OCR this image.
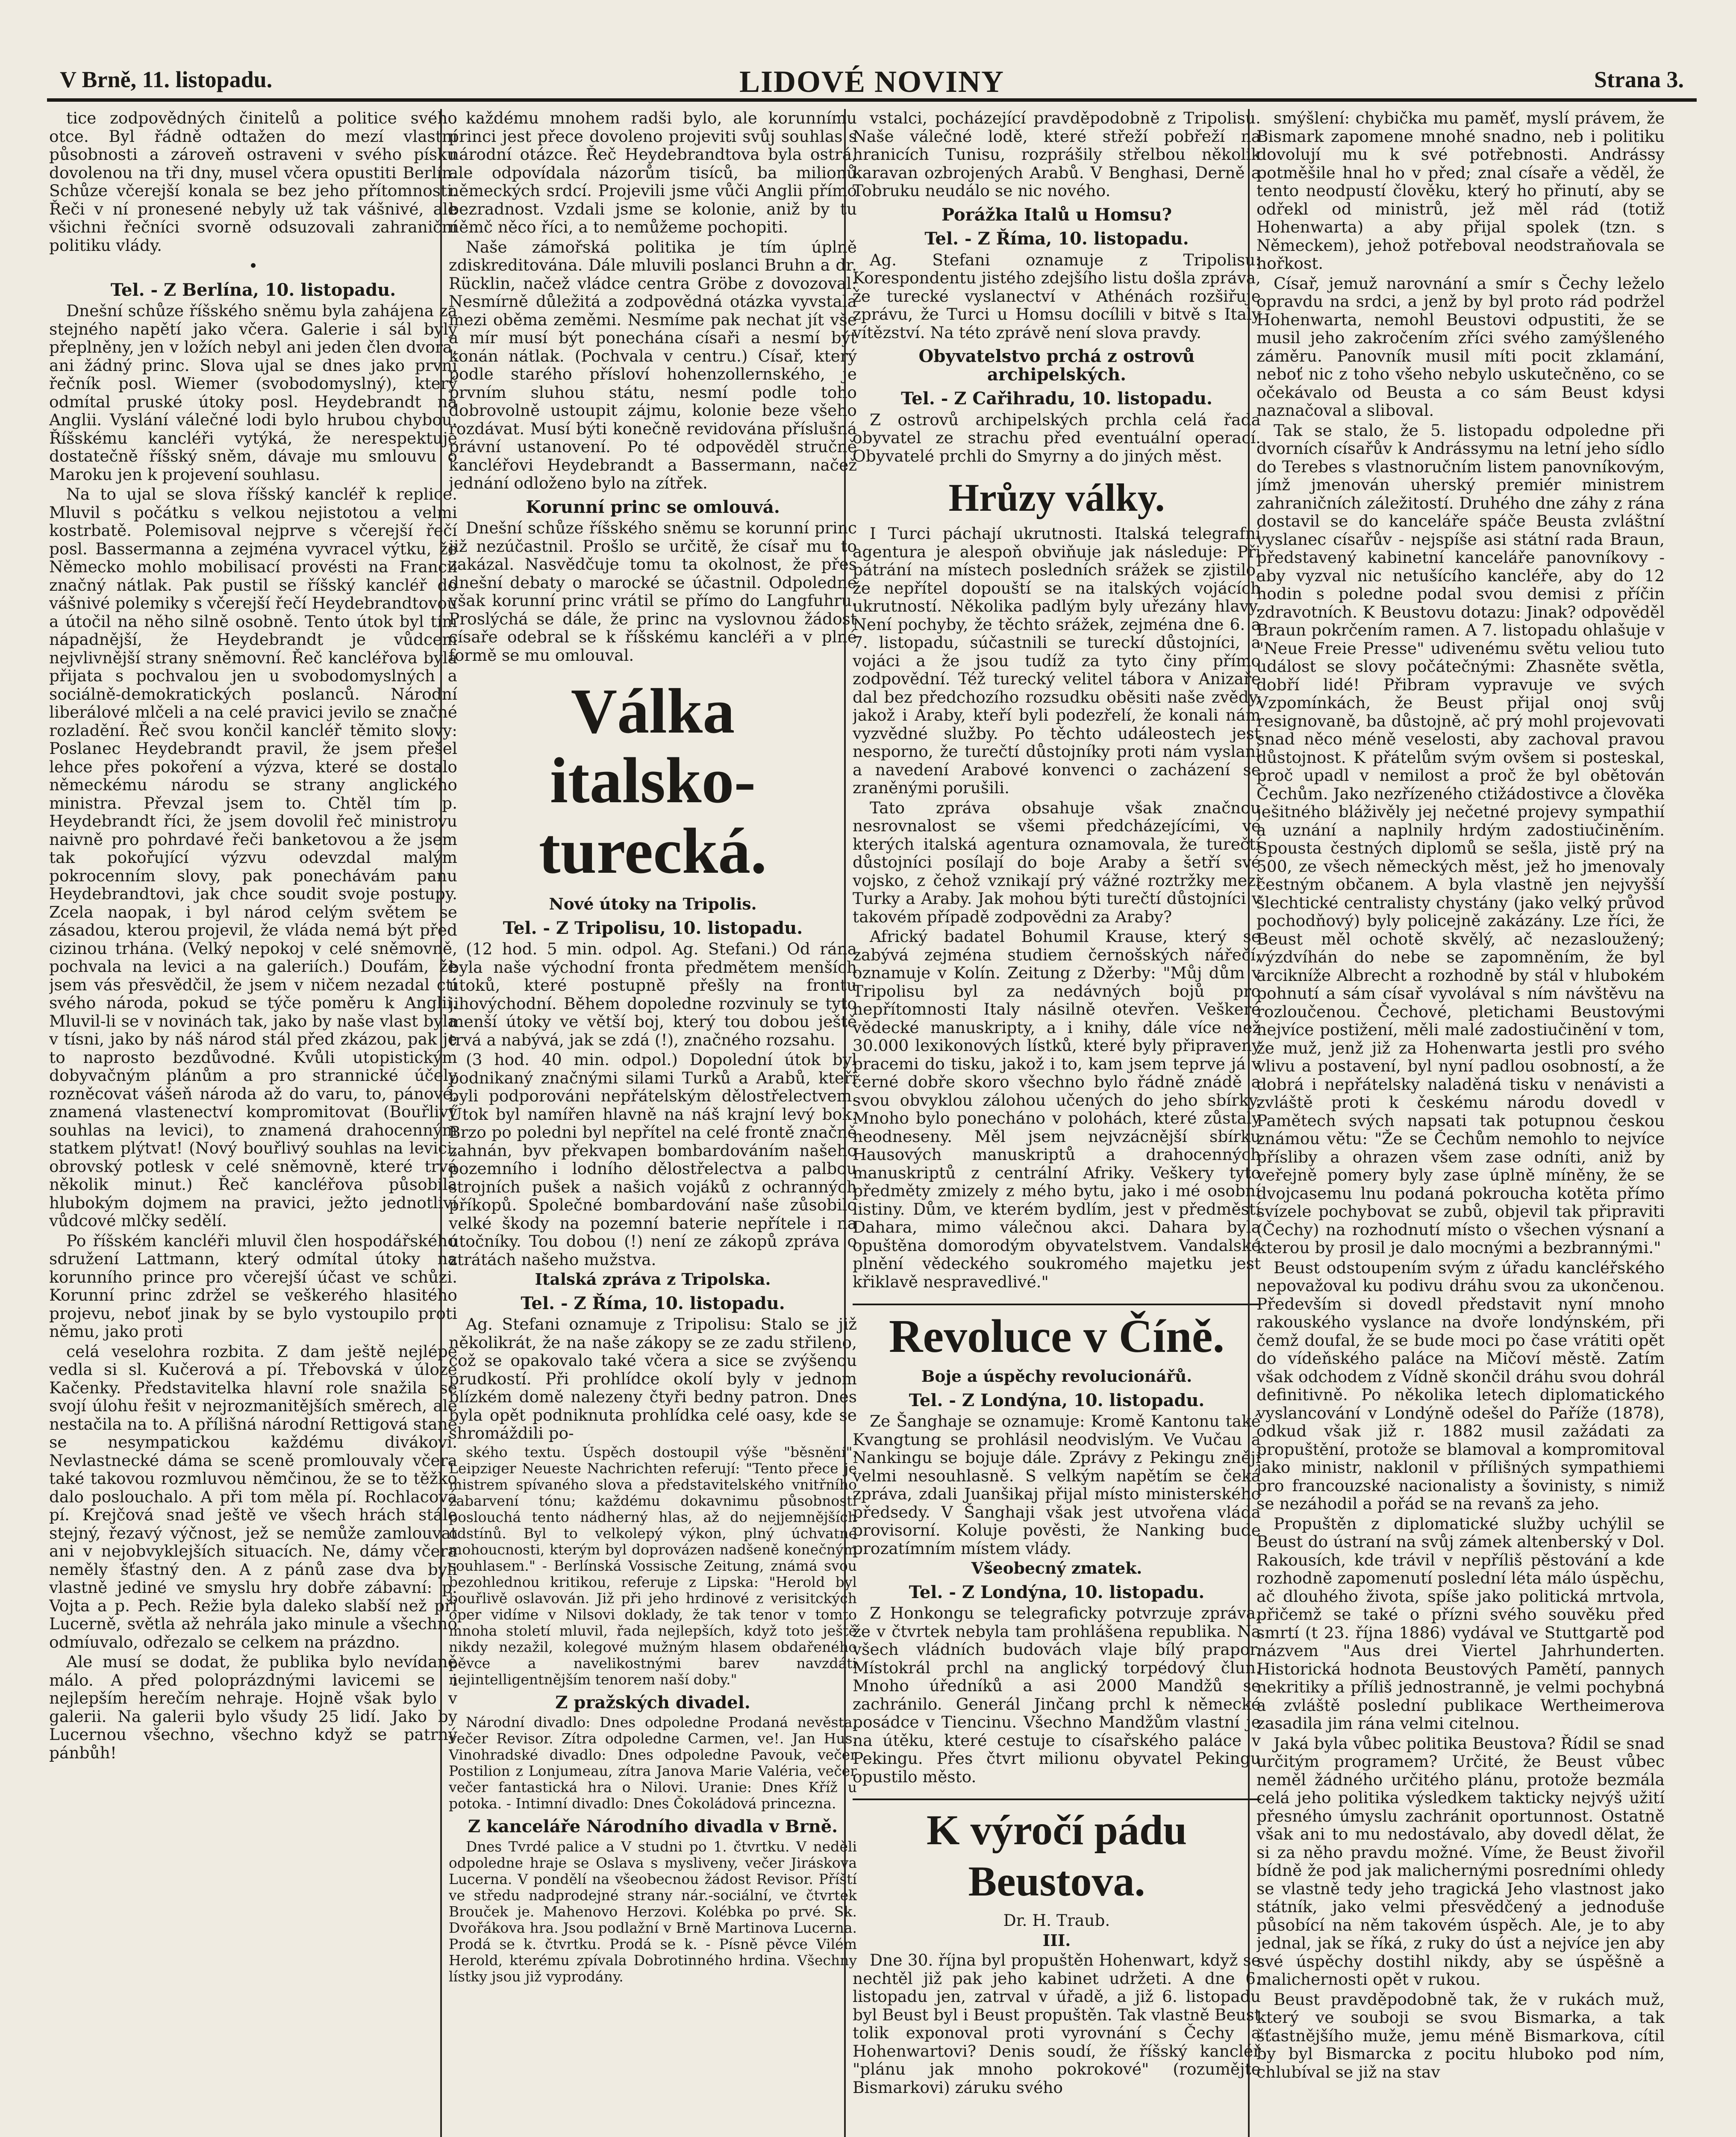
V Brně, 11. listopadu.	LIDOVÉ NOVINY	Strana 3.

tice zodpovědných činitelů a politice svého otce. Byl řádně odtažen do mezí vlastní působnosti a zároveň ostraveni v svého písku dovolenou na tři dny, musel včera opustiti Berlín. Schůze včerejší konala se bez jeho přítomnosti. Řeči v ní pronesené nebyly už tak vášnivé, ale všichni řečníci svorně odsuzovali zahraniční politiku vlády.

•

Tel. - Z Berlína, 10. listopadu.

Dnešní schůze říšského sněmu byla zahájena za stejného napětí jako včera. Galerie i sál byly přeplněny, jen v ložích nebyl ani jeden člen dvora, ani žádný princ. Slova ujal se dnes jako první řečník posl. Wiemer (svobodomyslný), který odmítal pruské útoky posl. Heydebrandt na Anglii. Vyslání válečné lodi bylo hrubou chybou. Říšskému kancléři vytýká, že nerespektuje dostatečně říšský sněm, dávaje mu smlouvu o Maroku jen k projevení souhlasu.

Na to ujal se slova říšský kancléř k replice. Mluvil s počátku s velkou nejistotou a velmi kostrbatě. Polemisoval nejprve s včerejší řečí posl. Bassermanna a zejména vyvracel výtku, že Německo mohlo mobilisací provésti na Francii značný nátlak. Pak pustil se říšský kancléř do vášnivé polemiky s včerejší řečí Heydebrandtovou a útočil na něho silně osobně. Tento útok byl tím nápadnější, že Heydebrandt je vůdcem nejvlivnější strany sněmovní. Řeč kancléřova byla přijata s pochvalou jen u svobodomyslných a sociálně-demokratických poslanců. Národní liberálové mlčeli a na celé pravici jevilo se značné rozladění. Řeč svou končil kancléř těmito slovy: Poslanec Heydebrandt pravil, že jsem přešel lehce přes pokoření a výzva, které se dostalo německému národu se strany anglického ministra. Převzal jsem to. Chtěl tím p. Heydebrandt říci, že jsem dovolil řeč ministrovu naivně pro pohrdavé řeči banketovou a že jsem tak pokořující výzvu odevzdal malým pokrocenním slovy, pak ponechávám panu Heydebrandtovi, jak chce soudit svoje postupy. Zcela naopak, i byl národ celým světem se zásadou, kterou projevil, že vláda nemá být před cizinou trhána. (Velký nepokoj v celé sněmovně, pochvala na levici a na galeriích.) Doufám, že jsem vás přesvědčil, že jsem v ničem nezadal cti svého národa, pokud se týče poměru k Anglii. Mluvil-li se v novinách tak, jako by naše vlast byla v tísni, jako by náš národ stál před zkázou, pak je to naprosto bezdůvodné. Kvůli utopistickým dobyvačným plánům a pro strannické účely rozněcovat vášeň národa až do varu, to, pánové, znamená vlastenectví kompromitovat (Bouřlivý souhlas na levici), to znamená drahocenným statkem plýtvat! (Nový bouřlivý souhlas na levici, obrovský potlesk v celé sněmovně, které trvá několik minut.) Řeč kancléřova působila hlubokým dojmem na pravici, ježto jednotliví vůdcové mlčky sedělí.

Po říšském kancléři mluvil člen hospodářského sdružení Lattmann, který odmítal útoky na korunního prince pro včerejší účast ve schůzi. Korunní princ zdržel se veškerého hlasitého projevu, neboť jinak by se bylo vystoupilo proti němu, jako proti

celá veselohra rozbita. Z dam ještě nejlépe vedla si sl. Kučerová a pí. Třebovská v úloze Kačenky. Představitelka hlavní role snažila se svojí úlohu řešit v nejrozmanitějších směrech, ale nestačila na to. A přílišná národní Rettigová stane se nesympatickou každému divákovi. Nevlastnecké dáma se sceně promlouvaly včera také takovou rozmluvou němčinou, že se to těžko dalo poslouchalo. A při tom měla pí. Rochlacová pí. Krejčová snad ještě ve všech hrách stále stejný, řezavý výčnost, jež se nemůže zamlouvat ani v nejobvyklejších situacích. Ne, dámy včera neměly šťastný den. A z pánů zase dva byli vlastně jediné ve smyslu hry dobře zábavní: p. Vojta a p. Pech. Režie byla daleko slabší než při Lucerně, světla až nehrála jako minule a všechno odmíuvalo, odřezalo se celkem na prázdno.

Ale musí se dodat, že publika bylo nevídaně málo. A před poloprázdnými lavicemi se i nejlepším herečím nehraje. Hojně však bylo v galerii. Na galerii bylo všudy 25 lidí. Jako by Lucernou všechno, všechno když se patrný pánbůh!

každému mnohem radši bylo, ale korunnímu princi jest přece dovoleno projeviti svůj souhlas s národní otázce. Řeč Heydebrandtova byla ostrá, ale odpovídala názorům tisíců, ba milionů německých srdcí. Projevili jsme vůči Anglii přímo bezradnost. Vzdali jsme se kolonie, aniž by tu němč něco říci, a to nemůžeme pochopiti.

Naše zámořská politika je tím úplně zdiskreditována. Dále mluvili poslanci Bruhn a dr. Rücklin, načež vládce centra Gröbe z dovozoval: Nesmírně důležitá a zodpovědná otázka vyvstala mezi oběma zeměmi. Nesmíme pak nechat jít vše a mír musí být ponechána císaři a nesmí být konán nátlak. (Pochvala v centru.) Císař, který podle starého přísloví hohenzollernského, je prvním sluhou státu, nesmí podle toho dobrovolně ustoupit zájmu, kolonie beze všeho rozdávat. Musí býti konečně revidována příslušná právní ustanovení. Po té odpověděl stručně kancléřovi Heydebrandt a Bassermann, načež jednání odloženo bylo na zítřek.

Korunní princ se omlouvá.

Dnešní schůze říšského sněmu se korunní princ již nezúčastnil. Prošlo se určitě, že císař mu to zakázal. Nasvědčuje tomu ta okolnost, že přes dnešní debaty o marocké se účastnil. Odpoledne však korunní princ vrátil se přímo do Langfuhru. Proslýchá se dále, že princ na vyslovnou žádost císaře odebral se k říšskému kancléři a v plné formě se mu omlouval.

Válka

italsko-turecká.

Nové útoky na Tripolis.

Tel. - Z Tripolisu, 10. listopadu.

(12 hod. 5 min. odpol. Ag. Stefani.) Od rána byla naše východní fronta předmětem menších útoků, které postupně přešly na frontu jihovýchodní. Během dopoledne rozvinuly se tyto menší útoky ve větší boj, který tou dobou ještě trvá a nabývá, jak se zdá (!), značného rozsahu.

(3 hod. 40 min. odpol.) Dopolední útok byl podnikaný značnými silami Turků a Arabů, kteří byli podporováni nepřátelským dělostřelectvem. Útok byl namířen hlavně na náš krajní levý bok. Brzo po poledni byl nepřítel na celé frontě značně zahnán, byv překvapen bombardováním našeho pozemního i lodního dělostřelectva a palbou strojních pušek a našich vojáků z ochranných příkopů. Společné bombardování naše zůsobilo velké škody na pozemní baterie nepřítele i na útočníky. Tou dobou (!) není ze zákopů zpráva o ztrátách našeho mužstva.

Italská zpráva z Tripolska.

Tel. - Z Říma, 10. listopadu.

Ag. Stefani oznamuje z Tripolisu: Stalo se již několikrát, že na naše zákopy se ze zadu střileno, což se opakovalo také včera a sice se zvýšenou prudkostí. Při prohlídce okolí byly v jednom blízkém domě nalezeny čtyři bedny patron. Dnes byla opět podniknuta prohlídka celé oasy, kde se shromáždili po-

ského textu. Úspěch dostoupil výše "běsnění". Leipziger Neueste Nachrichten referují: "Tento přece je mistrem spívaného slova a představitelského vnitřního zabarvení tónu; každému dokavnimu působnosti poslouchá tento nádherný hlas, až do nejjemnějších odstínů. Byl to velkolepý výkon, plný úchvatné mohoucnosti, kterým byl doprovázen nadšeně konečným souhlasem." - Berlínská Vossische Zeitung, známá svou bezohlednou kritikou, referuje z Lipska: "Herold byl bouřlivě oslavován. Již při jeho hrdinové z verisitckých oper vidíme v Nilsovi doklady, že tak tenor v tomto mnoha století mluvil, řada nejlepších, když toto ještě nikdy nezažil, kolegové mužným hlasem obdařeného pěvce a navelikostnými barev navzdáti nejintelligentnějším tenorem naší doby."

Z pražských divadel.

Národní divadlo: Dnes odpoledne Prodaná nevěsta, večer Revisor. Zítra odpoledne Carmen, ve!. Jan Hus. Vinohradské divadlo: Dnes odpoledne Pavouk, večer Postilion z Lonjumeau, zítra Janova Marie Valéria, večer večer fantastická hra o Nilovi. Uranie: Dnes Kříž u potoka. - Intimní divadlo: Dnes Čokoládová princezna.

Z kanceláře Národního divadla v Brně.

Dnes Tvrdé palice a V studni po 1. čtvrtku. V neděli odpoledne hraje se Oslava s mysliveny, večer Jiráskova Lucerna. V pondělí na všeobecnou žádost Revisor. Příští ve středu nadprodejné strany nár.-sociální, ve čtvrtek Brouček je. Mahenovo Herzovi. Kolébka po prvé. Sk. Dvořákova hra. Jsou podlažní v Brně Martinova Lucerna. Prodá se k. čtvrtku. Prodá se k. - Písně pěvce Vilém Herold, kterému zpívala Dobrotinného hrdina. Všechny lístky jsou již vyprodány.

vstalci, pocházející pravděpodobně z Tripolisu. Naše válečné lodě, které střeží pobřeží na hranicích Tunisu, rozprášily střelbou několik karavan ozbrojených Arabů. V Benghasi, Derně a Tobruku neudálo se nic nového.

Porážka Italů u Homsu?

Tel. - Z Říma, 10. listopadu.

Ag. Stefani oznamuje z Tripolisu: Korespondentu jistého zdejšího listu došla zpráva, že turecké vyslanectví v Athénách rozšiřuje zprávu, že Turci u Homsu docílili v bitvě s Italy vítězství. Na této zprávě není slova pravdy.

Obyvatelstvo prchá z ostrovů archipelských.

Tel. - Z Cařihradu, 10. listopadu.

Z ostrovů archipelských prchla celá řada obyvatel ze strachu před eventuální operací. Obyvatelé prchli do Smyrny a do jiných měst.

Hrůzy války.

I Turci páchají ukrutnosti. Italská telegrafní agentura je alespoň obviňuje jak následuje: Při pátrání na místech posledních srážek se zjistilo, že nepřítel dopouští se na italských vojácích ukrutností. Několika padlým byly uřezány hlavy. Není pochyby, že těchto srážek, zejména dne 6. a 7. listopadu, súčastnili se tureckí důstojníci, a vojáci a že jsou tudíž za tyto činy přímo zodpovědní. Též turecký velitel tábora v Anizaře dal bez předchozího rozsudku oběsiti naše zvědy, jakož i Araby, kteří byli podezřelí, že konali nám vyzvědné služby. Po těchto událeostech jest nesporno, že turečtí důstojníky proti nám vyslaní a navedení Arabové konvenci o zacházení se zraněnými porušili.

Tato zpráva obsahuje však značnou nesrovnalost se všemi předcházejícími, ve kterých italská agentura oznamovala, že turečtí důstojníci posílají do boje Araby a šetří své vojsko, z čehož vznikají prý vážné roztržky mezi Turky a Araby. Jak mohou býti turečtí důstojníci v takovém případě zodpovědni za Araby?

Africký badatel Bohumil Krause, který se zabývá zejména studiem černošských nářečí, oznamuje v Kolín. Zeitung z Džerby: "Můj dům v Tripolisu byl za nedávných bojů pro nepřítomnosti Italy násilně otevřen. Veškeré vědecké manuskripty, a i knihy, dále více než 30.000 lexikonových lístků, které byly připraveny pracemi do tisku, jakož i to, kam jsem teprve já v černé dobře skoro všechno bylo řádně znádě a svou obvyklou zálohou učených do jeho sbírky. Mnoho bylo ponecháno v polohách, které zůstaly neodneseny. Měl jsem nejvzácnější sbírku Hausových manuskriptů a drahocenných manuskriptů z centrální Afriky. Veškery tyto předměty zmizely z mého bytu, jako i mé osobní listiny. Dům, ve kterém bydlím, jest v předměstí Dahara, mimo válečnou akci. Dahara byla opuštěna domorodým obyvatelstvem. Vandalské plnění vědeckého soukromého majetku jest křiklavě nespravedlivé."

Revoluce v Číně.

Boje a úspěchy revolucionářů.

Tel. - Z Londýna, 10. listopadu.

Ze Šanghaje se oznamuje: Kromě Kantonu také Kvangtung se prohlásil neodvislým. Ve Vučau a Nankingu se bojuje dále. Zprávy z Pekingu znějí velmi nesouhlasně. S velkým napětím se čeká zpráva, zdali Juanšikaj přijal místo ministerského předsedy. V Šanghaji však jest utvořena vláda provisorní. Koluje pověsti, že Nanking bude prozatímním místem vlády.

Všeobecný zmatek.

Tel. - Z Londýna, 10. listopadu.

Z Honkongu se telegraficky potvrzuje zpráva, že v čtvrtek nebyla tam prohlášena republika. Na všech vládních budovách vlaje bílý prapor. Místokrál prchl na anglický torpédový člun. Mnoho úředníků a asi 2000 Mandžů se zachránilo. Generál Jinčang prchl k německé posádce v Tiencinu. Všechno Mandžům vlastní je na útěku, které cestuje to císařského paláce v Pekingu. Přes čtvrt milionu obyvatel Pekingu opustilo město.

K výročí pádu Beustova.

Dr. H. Traub.

III.

Dne 30. října byl propuštěn Hohenwart, když se nechtěl již pak jeho kabinet udržeti. A dne 6. listopadu jen, zatrval v úřadě, a již 6. listopadu byl Beust byl i Beust propuštěn. Tak vlastně Beust tolik exponoval proti vyrovnání s Čechy a Hohenwartovi? Denis soudí, že říšský kancléř "plánu jak mnoho pokrokové" (rozumějte Bismarkovi) záruku svého

smýšlení: chybička mu paměť, myslí právem, že Bismark zapomene mnohé snadno, neb i politiku dovolují mu k své potřebnosti. Andrássy potměšile hnal ho v před; znal císaře a věděl, že tento neodpustí člověku, který ho přinutí, aby se odřekl od ministrů, jež měl rád (totiž Hohenwarta) a aby přijal spolek (tzn. s Německem), jehož potřeboval neodstraňovala se hořkost.

Císař, jemuž narovnání a smír s Čechy leželo opravdu na srdci, a jenž by byl proto rád podržel Hohenwarta, nemohl Beustovi odpustiti, že se musil jeho zakročením zříci svého zamýšleného záměru. Panovník musil míti pocit zklamání, neboť nic z toho všeho nebylo uskutečněno, co se očekávalo od Beusta a co sám Beust kdysi naznačoval a sliboval.

Tak se stalo, že 5. listopadu odpoledne při dvorních císařův k Andrássymu na letní jeho sídlo do Terebes s vlastnoručním listem panovníkovým, jímž jmenován uherský premiér ministrem zahraničních záležitostí. Druhého dne záhy z rána dostavil se do kanceláře spáče Beusta zvláštní vyslanec císařův - nejspíše asi státní rada Braun, představený kabinetní kanceláře panovníkovy - aby vyzval nic netušícího kancléře, aby do 12 hodin s poledne podal svou demisi z příčin zdravotních. K Beustovu dotazu: Jinak? odpověděl Braun pokrčením ramen. A 7. listopadu ohlašuje v "Neue Freie Presse" udivenému světu veliou tuto událost se slovy počátečnými: Zhasněte světla, dobří lidé! Přibram vypravuje ve svých Vzpomínkách, že Beust přijal onoj svůj resignovaně, ba důstojně, ač prý mohl projevovati snad něco méně veselosti, aby zachoval pravou důstojnost. K přátelům svým ovšem si posteskal, proč upadl v nemilost a proč že byl obětován Čechům. Jako nezřízeného ctižádostivce a člověka ješitného bláživěly jej nečetné projevy sympathií a uznání a naplnily hrdým zadostiučiněním. Spousta čestných diplomů se sešla, jistě prý na 500, ze všech německých měst, jež ho jmenovaly čestným občanem. A byla vlastně jen nejvyšší šlechtické centralisty chystány (jako velký průvod pochodňový) byly policejně zakázány. Lze říci, že Beust měl ochotě skvělý, ač nezasloužený; výzdvíhán do nebe se zapomněním, že byl arcikníže Albrecht a rozhodně by stál v hlubokém pohnutí a sám císař vyvolával s ním návštěvu na rozloučenou. Čechové, pletichami Beustovými nejvíce postižení, měli malé zadostiučinění v tom, že muž, jenž již za Hohenwarta jestli pro svého vlivu a postavení, byl nyní padlou osobností, a že dobrá i nepřátelsky naladěná tisku v nenávisti a zvláště proti k českému národu dovedl v Pamětech svých napsati tak potupnou českou známou větu: "Že se Čechům nemohlo to nejvíce přísliby a ohrazen všem zase odníti, aniž by veřejně pomery byly zase úplně míněny, že se dvojcasemu lnu podaná pokroucha kotěta přímo svízele pochybovat se zubů, objevil tak připraviti (Čechy) na rozhodnutí místo o všechen výsnaní a kterou by prosil je dalo mocnými a bezbrannými."

Beust odstoupením svým z úřadu kancléřského nepovažoval ku podivu dráhu svou za ukončenou. Především si dovedl představit nyní mnoho rakouského vyslance na dvoře londýnském, při čemž doufal, že se bude moci po čase vrátiti opět do vídeňského paláce na Mičoví městě. Zatím však odchodem z Vídně skončil dráhu svou dohrál definitivně. Po několika letech diplomatického vyslancování v Londýně odešel do Paříže (1878), odkud však již r. 1882 musil zažádati za propuštění, protože se blamoval a kompromitoval jako ministr, naklonil v přílišných sympathiemi pro francouzské nacionalisty a šovinisty, s nimiž se nezáhodil a pořád se na revanš za jeho.

Propuštěn z diplomatické služby uchýlil se Beust do ústraní na svůj zámek altenberský v Dol. Rakousích, kde trávil v nepříliš pěstování a kde rozhodně zapomenutí poslední léta málo úspěchu, ač dlouhého života, spíše jako politická mrtvola, přičemž se také o přízni svého souvěku před smrtí (t 23. října 1886) vydával ve Stuttgartě pod názvem "Aus drei Viertel Jahrhunderten. Historická hodnota Beustových Pamětí, pannych nekritiky a příliš jednostranně, je velmi pochybná a zvláště poslední publikace Wertheimerova zasadila jim rána velmi citelnou.

Jaká byla vůbec politika Beustova? Řídil se snad určitým programem? Určité, že Beust vůbec neměl žádného určitého plánu, protože bezmála celá jeho politika výsledkem takticky nejvýš užití přesného úmyslu zachránit oportunnost. Ostatně však ani to mu nedostávalo, aby dovedl dělat, že si za něho pravdu možné. Víme, že Beust živořil bídně že pod jak malichernými posredními ohledy se vlastně tedy jeho tragická Jeho vlastnost jako státník, jako velmi přesvědčený a jednoduše působící na něm takovém úspěch. Ale, je to aby jednal, jak se říká, z ruky do úst a nejvíce jen aby své úspěchy dostihl nikdy, aby se úspěšně a malichernosti opět v rukou.

Beust pravděpodobně tak, že v rukách muž, který ve souboji se svou Bismarka, a tak šťastnějšího muže, jemu méně Bismarkova, cítil by byl Bismarcka z pocitu hluboko pod ním, chlubíval se již na stav
